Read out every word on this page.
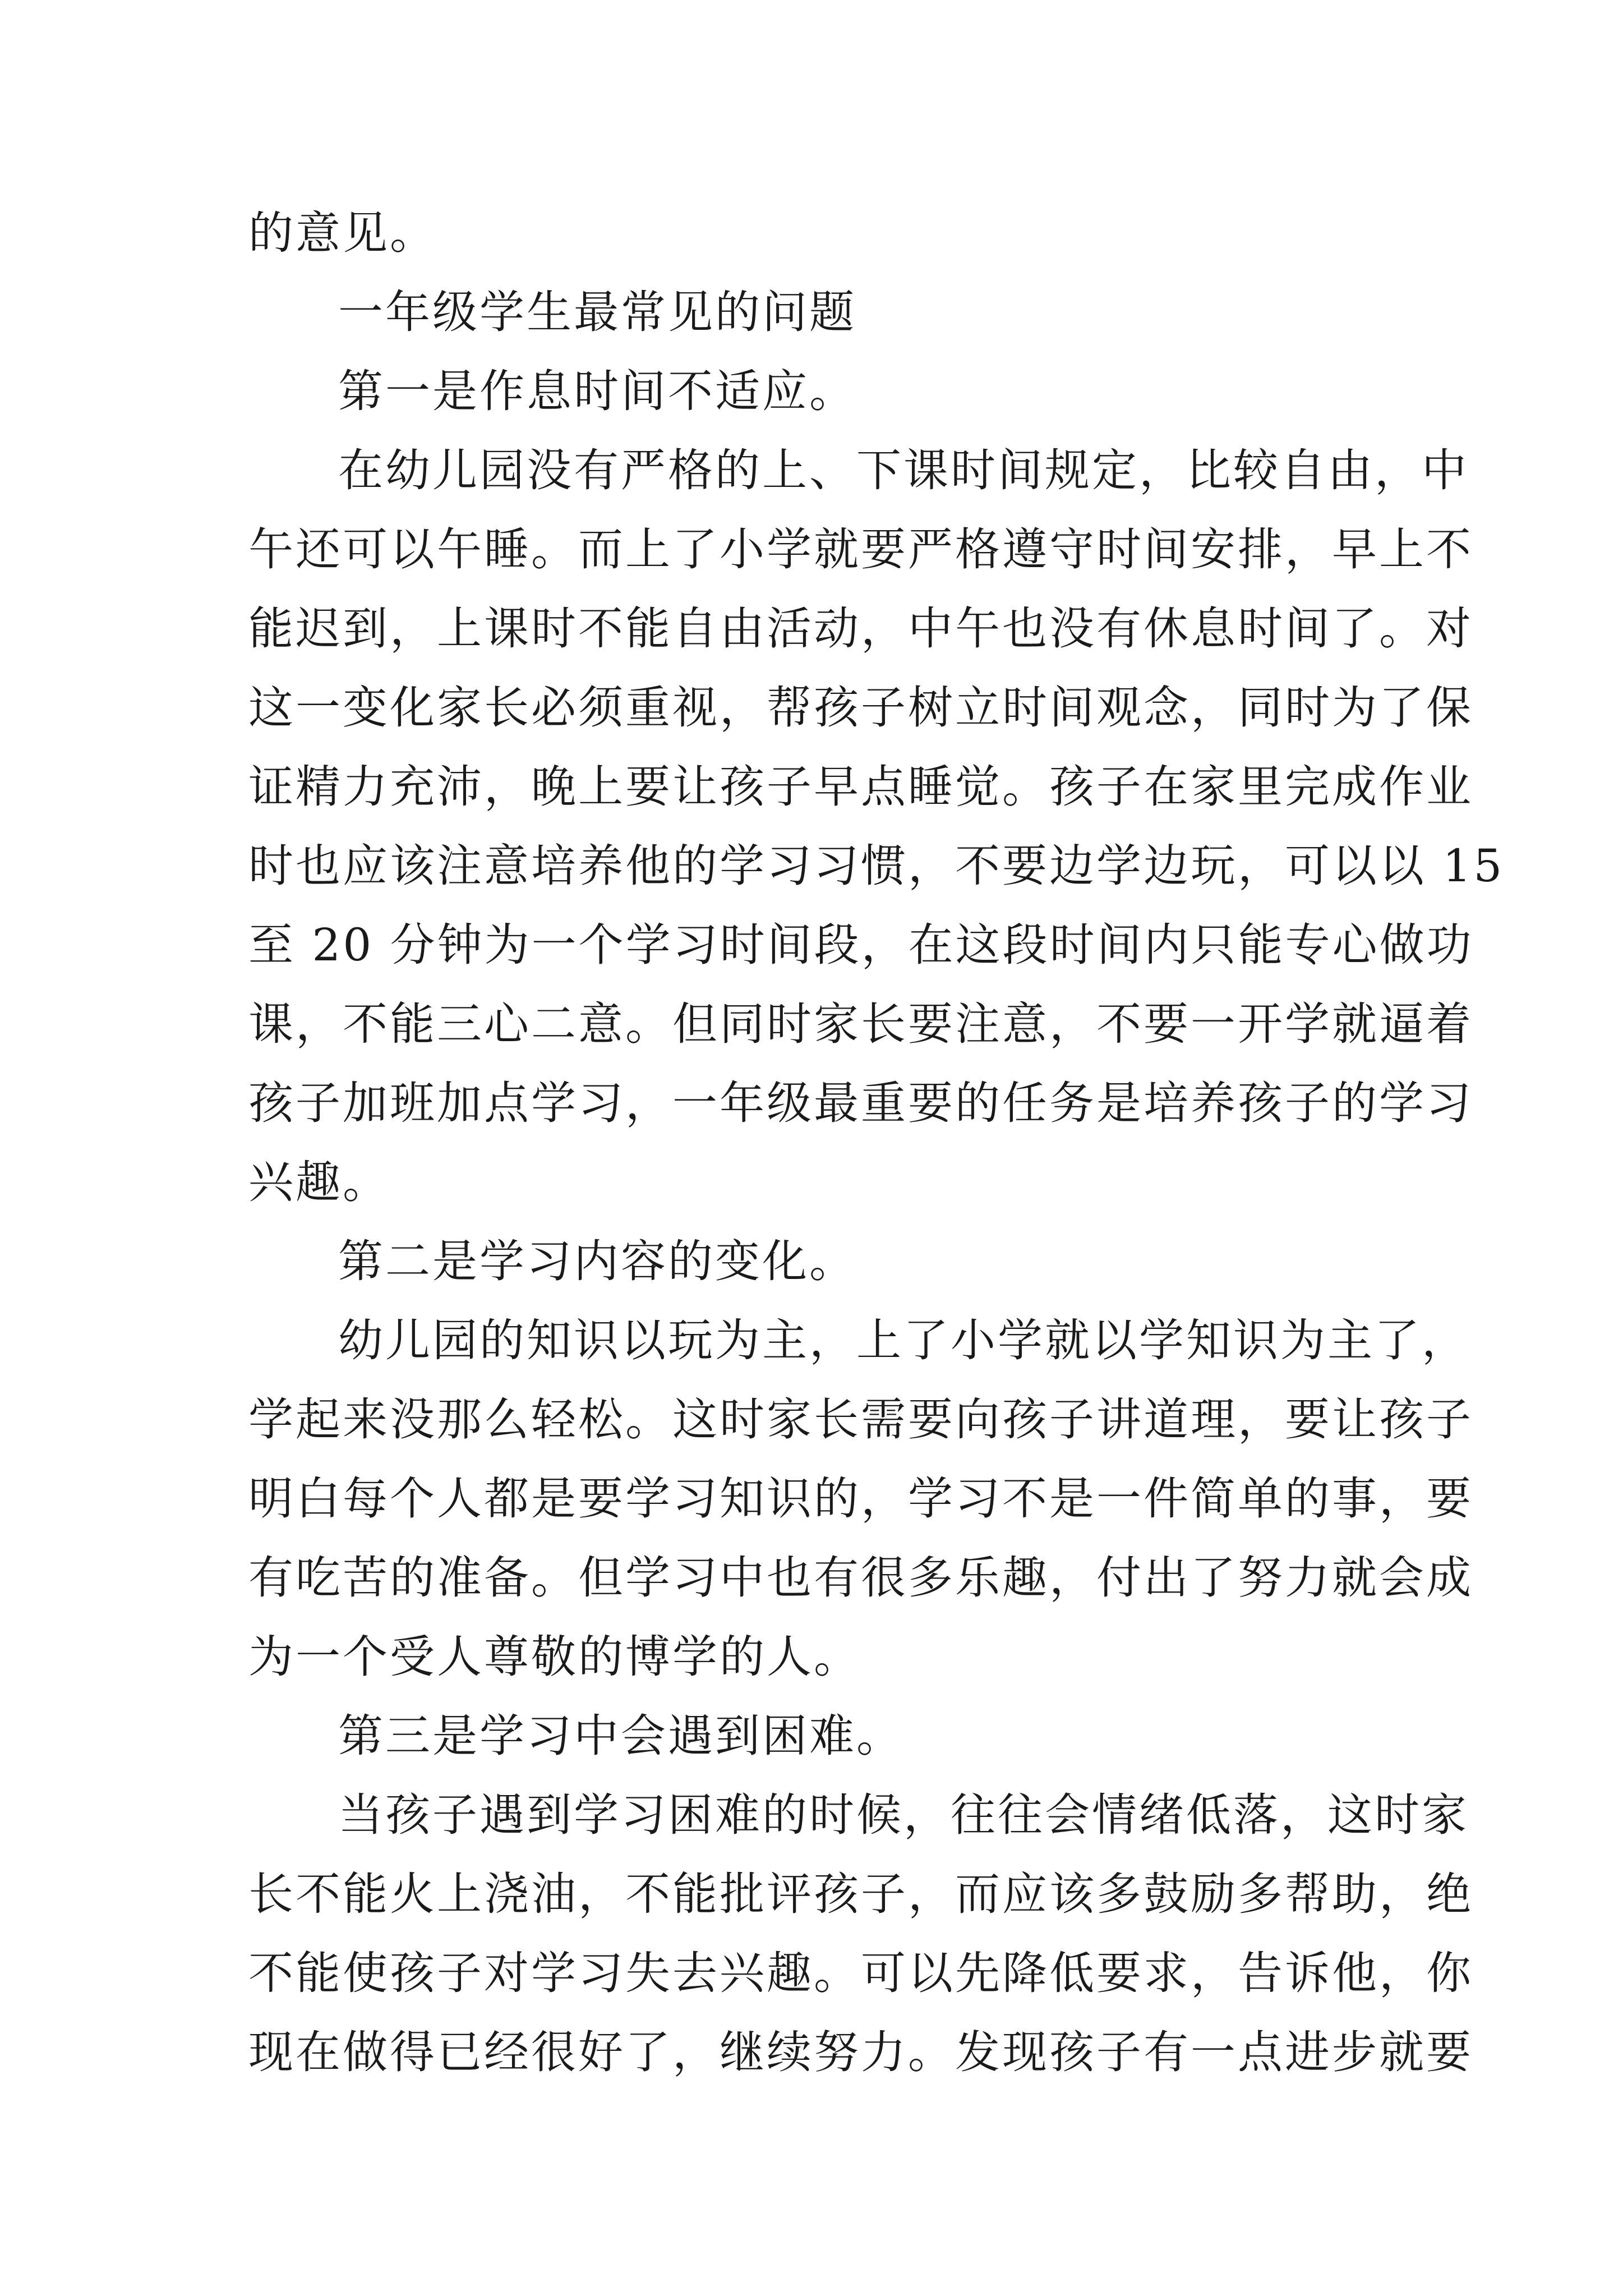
的意见。
一年级学生最常见的问题
第一是作息时间不适应。
在幼儿园没有严格的上、下课时间规定，比较自由，中
午还可以午睡。而上了小学就要严格遵守时间安排，早上不
能迟到，上课时不能自由活动，中午也没有休息时间了。对
这一变化家长必须重视，帮孩子树立时间观念，同时为了保
证精力充沛，晚上要让孩子早点睡觉。孩子在家里完成作业
时也应该注意培养他的学习习惯，不要边学边玩，可以以 15
至 20 分钟为一个学习时间段，在这段时间内只能专心做功
课，不能三心二意。但同时家长要注意，不要一开学就逼着
孩子加班加点学习，一年级最重要的任务是培养孩子的学习
兴趣。
第二是学习内容的变化。
幼儿园的知识以玩为主，上了小学就以学知识为主了，
学起来没那么轻松。这时家长需要向孩子讲道理，要让孩子
明白每个人都是要学习知识的，学习不是一件简单的事，要
有吃苦的准备。但学习中也有很多乐趣，付出了努力就会成
为一个受人尊敬的博学的人。
第三是学习中会遇到困难。
当孩子遇到学习困难的时候，往往会情绪低落，这时家
长不能火上浇油，不能批评孩子，而应该多鼓励多帮助，绝
不能使孩子对学习失去兴趣。可以先降低要求，告诉他，你
现在做得已经很好了，继续努力。发现孩子有一点进步就要
